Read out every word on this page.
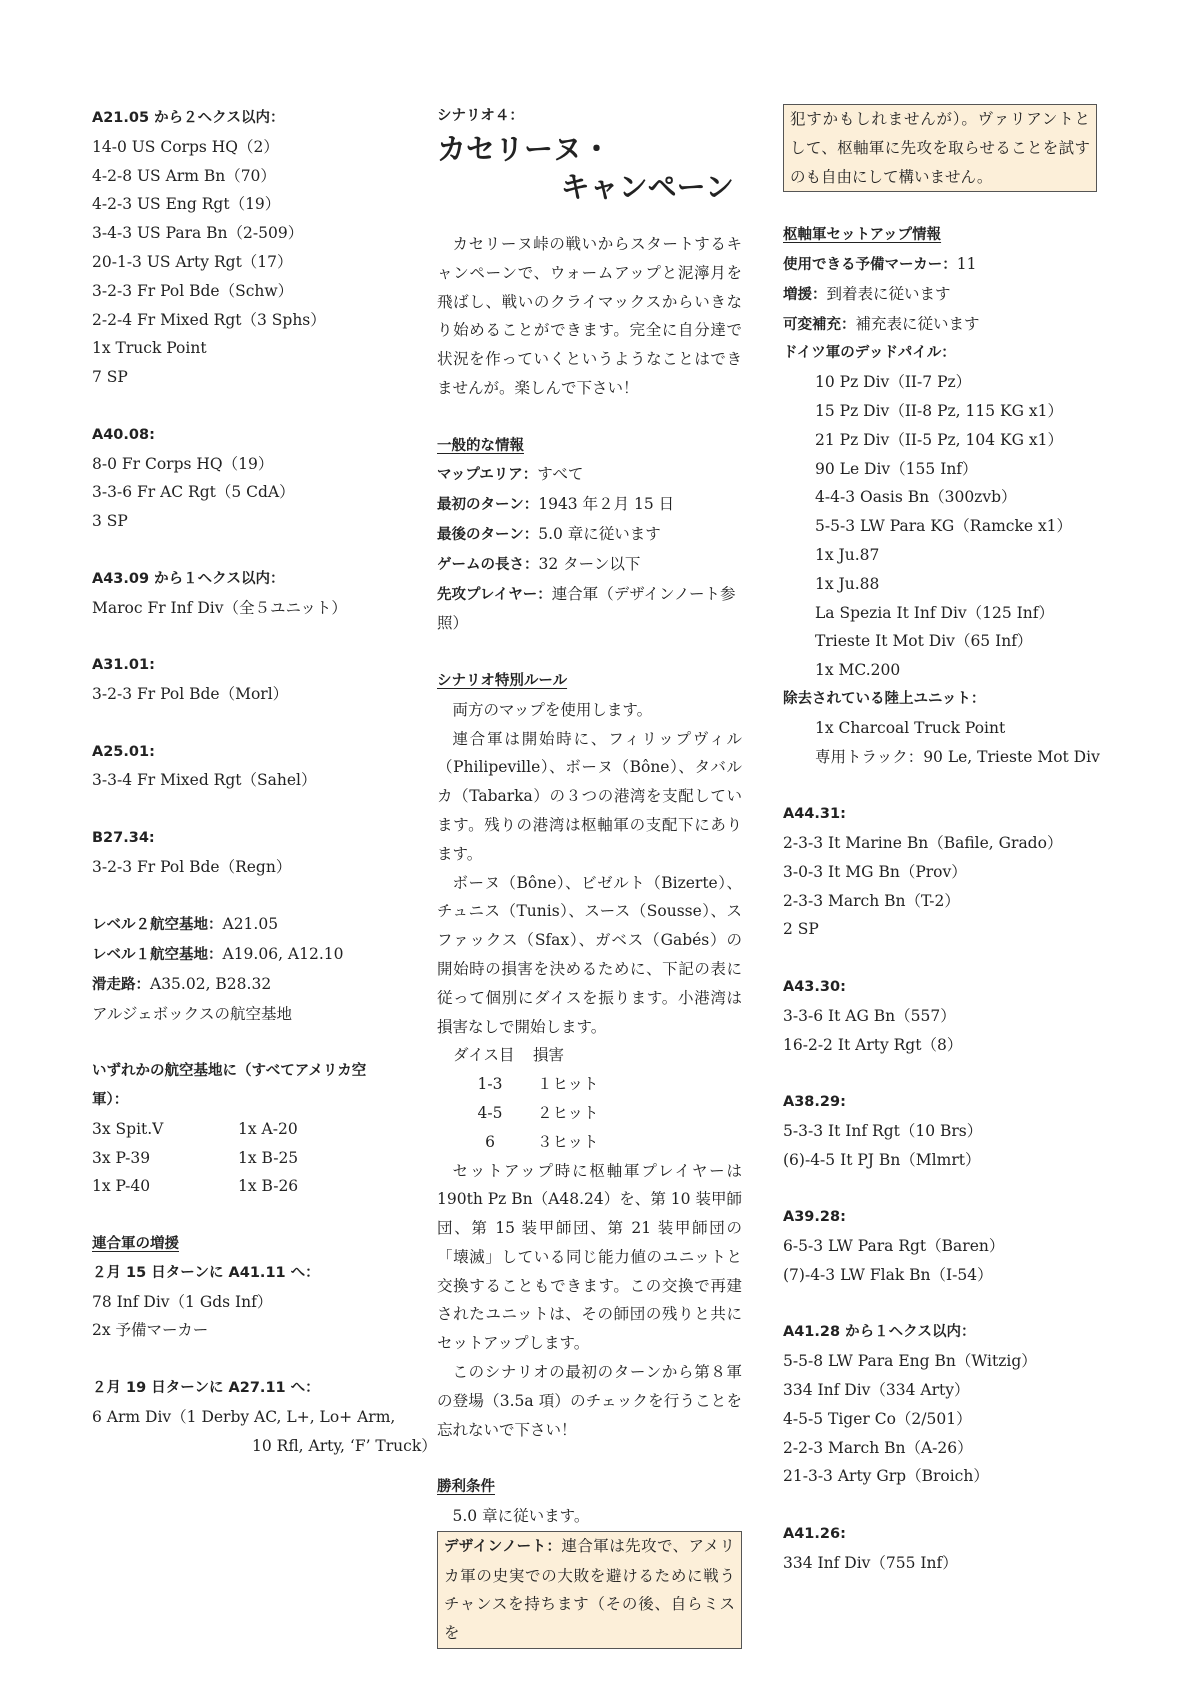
A21.05 から２ヘクス以内：
14-0 US Corps HQ（2）
4-2-8 US Arm Bn（70）
4-2-3 US Eng Rgt（19）
3-4-3 US Para Bn（2-509）
20-1-3 US Arty Rgt（17）
3-2-3 Fr Pol Bde（Schw）
2-2-4 Fr Mixed Rgt（3 Sphs）
1x Truck Point
7 SP
A40.08:
8-0 Fr Corps HQ（19）
3-3-6 Fr AC Rgt（5 CdA）
3 SP
A43.09 から１ヘクス以内：
Maroc Fr Inf Div（全５ユニット）
A31.01:
3-2-3 Fr Pol Bde（Morl）
A25.01:
3-3-4 Fr Mixed Rgt（Sahel）
B27.34:
3-2-3 Fr Pol Bde（Regn）
レベル２航空基地：A21.05
レベル１航空基地：A19.06, A12.10
滑走路：A35.02, B28.32
アルジェボックスの航空基地
いずれかの航空基地に（すべてアメリカ空
軍）：
3x Spit.V	1x A-20
3x P-39	1x B-25
1x P-40	1x B-26
連合軍の増援
２月 15 日ターンに A41.11 へ：
78 Inf Div（1 Gds Inf）
2x 予備マーカー
２月 19 日ターンに A27.11 へ：
6 Arm Div（1 Derby AC, L+, Lo+ Arm,
10 Rfl, Arty, ‘F’ Truck）
シナリオ４：
カセリーヌ・
キャンペーン
カセリーヌ峠の戦いからスタートするキャンペーンで、ウォームアップと泥濘月を飛ばし、戦いのクライマックスからいきなり始めることができます。完全に自分達で状況を作っていくというようなことはできませんが。楽しんで下さい！
一般的な情報
マップエリア：すべて
最初のターン：1943 年２月 15 日
最後のターン：5.0 章に従います
ゲームの長さ：32 ターン以下
先攻プレイヤー：連合軍（デザインノート参照）
シナリオ特別ルール
両方のマップを使用します。
連合軍は開始時に、フィリップヴィル（Philipeville）、ボーヌ（Bône）、タバルカ（Tabarka）の３つの港湾を支配しています。残りの港湾は枢軸軍の支配下にあります。
ボーヌ（Bône）、ビゼルト（Bizerte）、チュニス（Tunis）、スース（Sousse）、スファックス（Sfax）、ガベス（Gabés）の開始時の損害を決めるために、下記の表に従って個別にダイスを振ります。小港湾は損害なしで開始します。
ダイス目 損害
1-3 １ヒット
4-5 ２ヒット
6	３ヒット
セットアップ時に枢軸軍プレイヤーは190th Pz Bn（A48.24）を、第 10 装甲師団、第 15 装甲師団、第 21 装甲師団の「壊滅」している同じ能力値のユニットと交換することもできます。この交換で再建されたユニットは、その師団の残りと共にセットアップします。
このシナリオの最初のターンから第８軍の登場（3.5a 項）のチェックを行うことを忘れないで下さい！
勝利条件
5.0 章に従います。
デザインノート：連合軍は先攻で、アメリカ軍の史実での大敗を避けるために戦うチャンスを持ちます（その後、自らミスを
犯すかもしれませんが）。ヴァリアントとして、枢軸軍に先攻を取らせることを試すのも自由にして構いません。
枢軸軍セットアップ情報
使用できる予備マーカー：11
増援：到着表に従います
可変補充：補充表に従います
ドイツ軍のデッドパイル：
10 Pz Div（II-7 Pz）
15 Pz Div（II-8 Pz, 115 KG x1）
21 Pz Div（II-5 Pz, 104 KG x1）
90 Le Div（155 Inf）
4-4-3 Oasis Bn（300zvb）
5-5-3 LW Para KG（Ramcke x1）
1x Ju.87
1x Ju.88
La Spezia It Inf Div（125 Inf）
Trieste It Mot Div（65 Inf）
1x MC.200
除去されている陸上ユニット：
1x Charcoal Truck Point
専用トラック：90 Le, Trieste Mot Div
A44.31:
2-3-3 It Marine Bn（Bafile, Grado）
3-0-3 It MG Bn（Prov）
2-3-3 March Bn（T-2）
2 SP
A43.30:
3-3-6 It AG Bn（557）
16-2-2 It Arty Rgt（8）
A38.29:
5-3-3 It Inf Rgt（10 Brs）
(6)-4-5 It PJ Bn（Mlmrt）
A39.28:
6-5-3 LW Para Rgt（Baren）
(7)-4-3 LW Flak Bn（I-54）
A41.28 から１ヘクス以内：
5-5-8 LW Para Eng Bn（Witzig）
334 Inf Div（334 Arty）
4-5-5 Tiger Co（2/501）
2-2-3 March Bn（A-26）
21-3-3 Arty Grp（Broich）
A41.26:
334 Inf Div（755 Inf）
